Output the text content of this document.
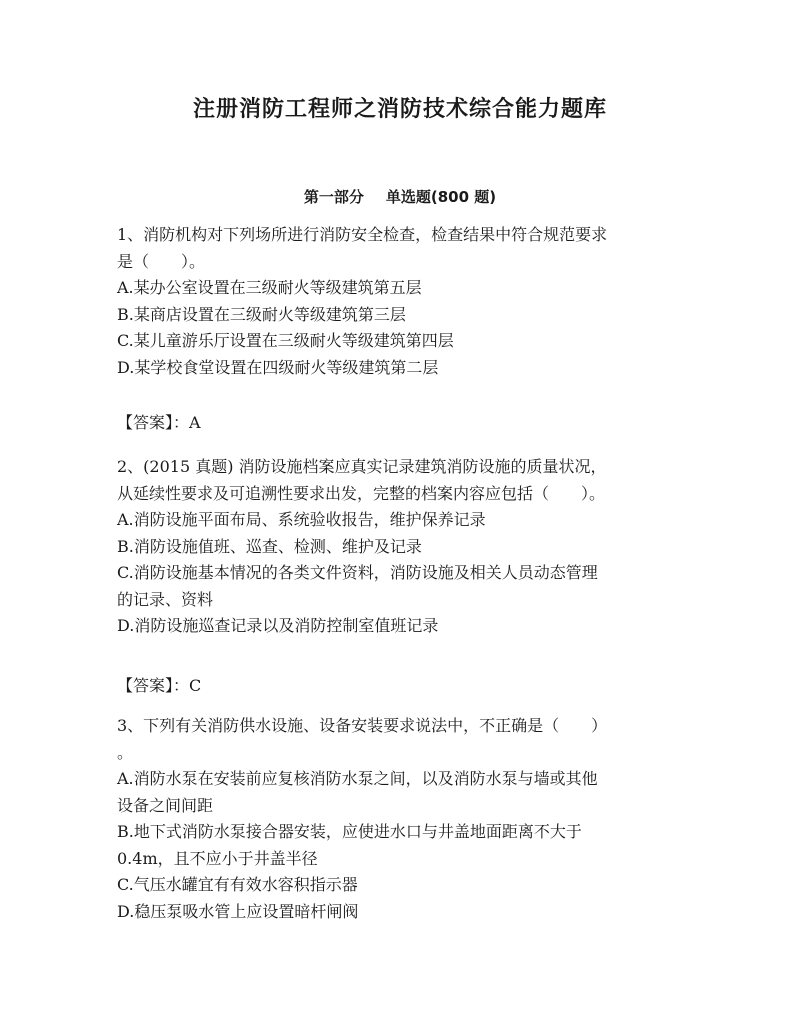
注册消防工程师之消防技术综合能力题库
第一部分 单选题(800 题)
1、消防机构对下列场所进行消防安全检查，检查结果中符合规范要求
是（　　）。
A.某办公室设置在三级耐火等级建筑第五层
B.某商店设置在三级耐火等级建筑第三层
C.某儿童游乐厅设置在三级耐火等级建筑第四层
D.某学校食堂设置在四级耐火等级建筑第二层
【答案】：A
2、(2015 真题) 消防设施档案应真实记录建筑消防设施的质量状况，
从延续性要求及可追溯性要求出发，完整的档案内容应包括（　　）。
A.消防设施平面布局、系统验收报告，维护保养记录
B.消防设施值班、巡查、检测、维护及记录
C.消防设施基本情况的各类文件资料，消防设施及相关人员动态管理
的记录、资料
D.消防设施巡查记录以及消防控制室值班记录
【答案】：C
3、下列有关消防供水设施、设备安装要求说法中，不正确是（　　）
。
A.消防水泵在安装前应复核消防水泵之间，以及消防水泵与墙或其他
设备之间间距
B.地下式消防水泵接合器安装，应使进水口与井盖地面距离不大于
0.4m，且不应小于井盖半径
C.气压水罐宜有有效水容积指示器
D.稳压泵吸水管上应设置暗杆闸阀
